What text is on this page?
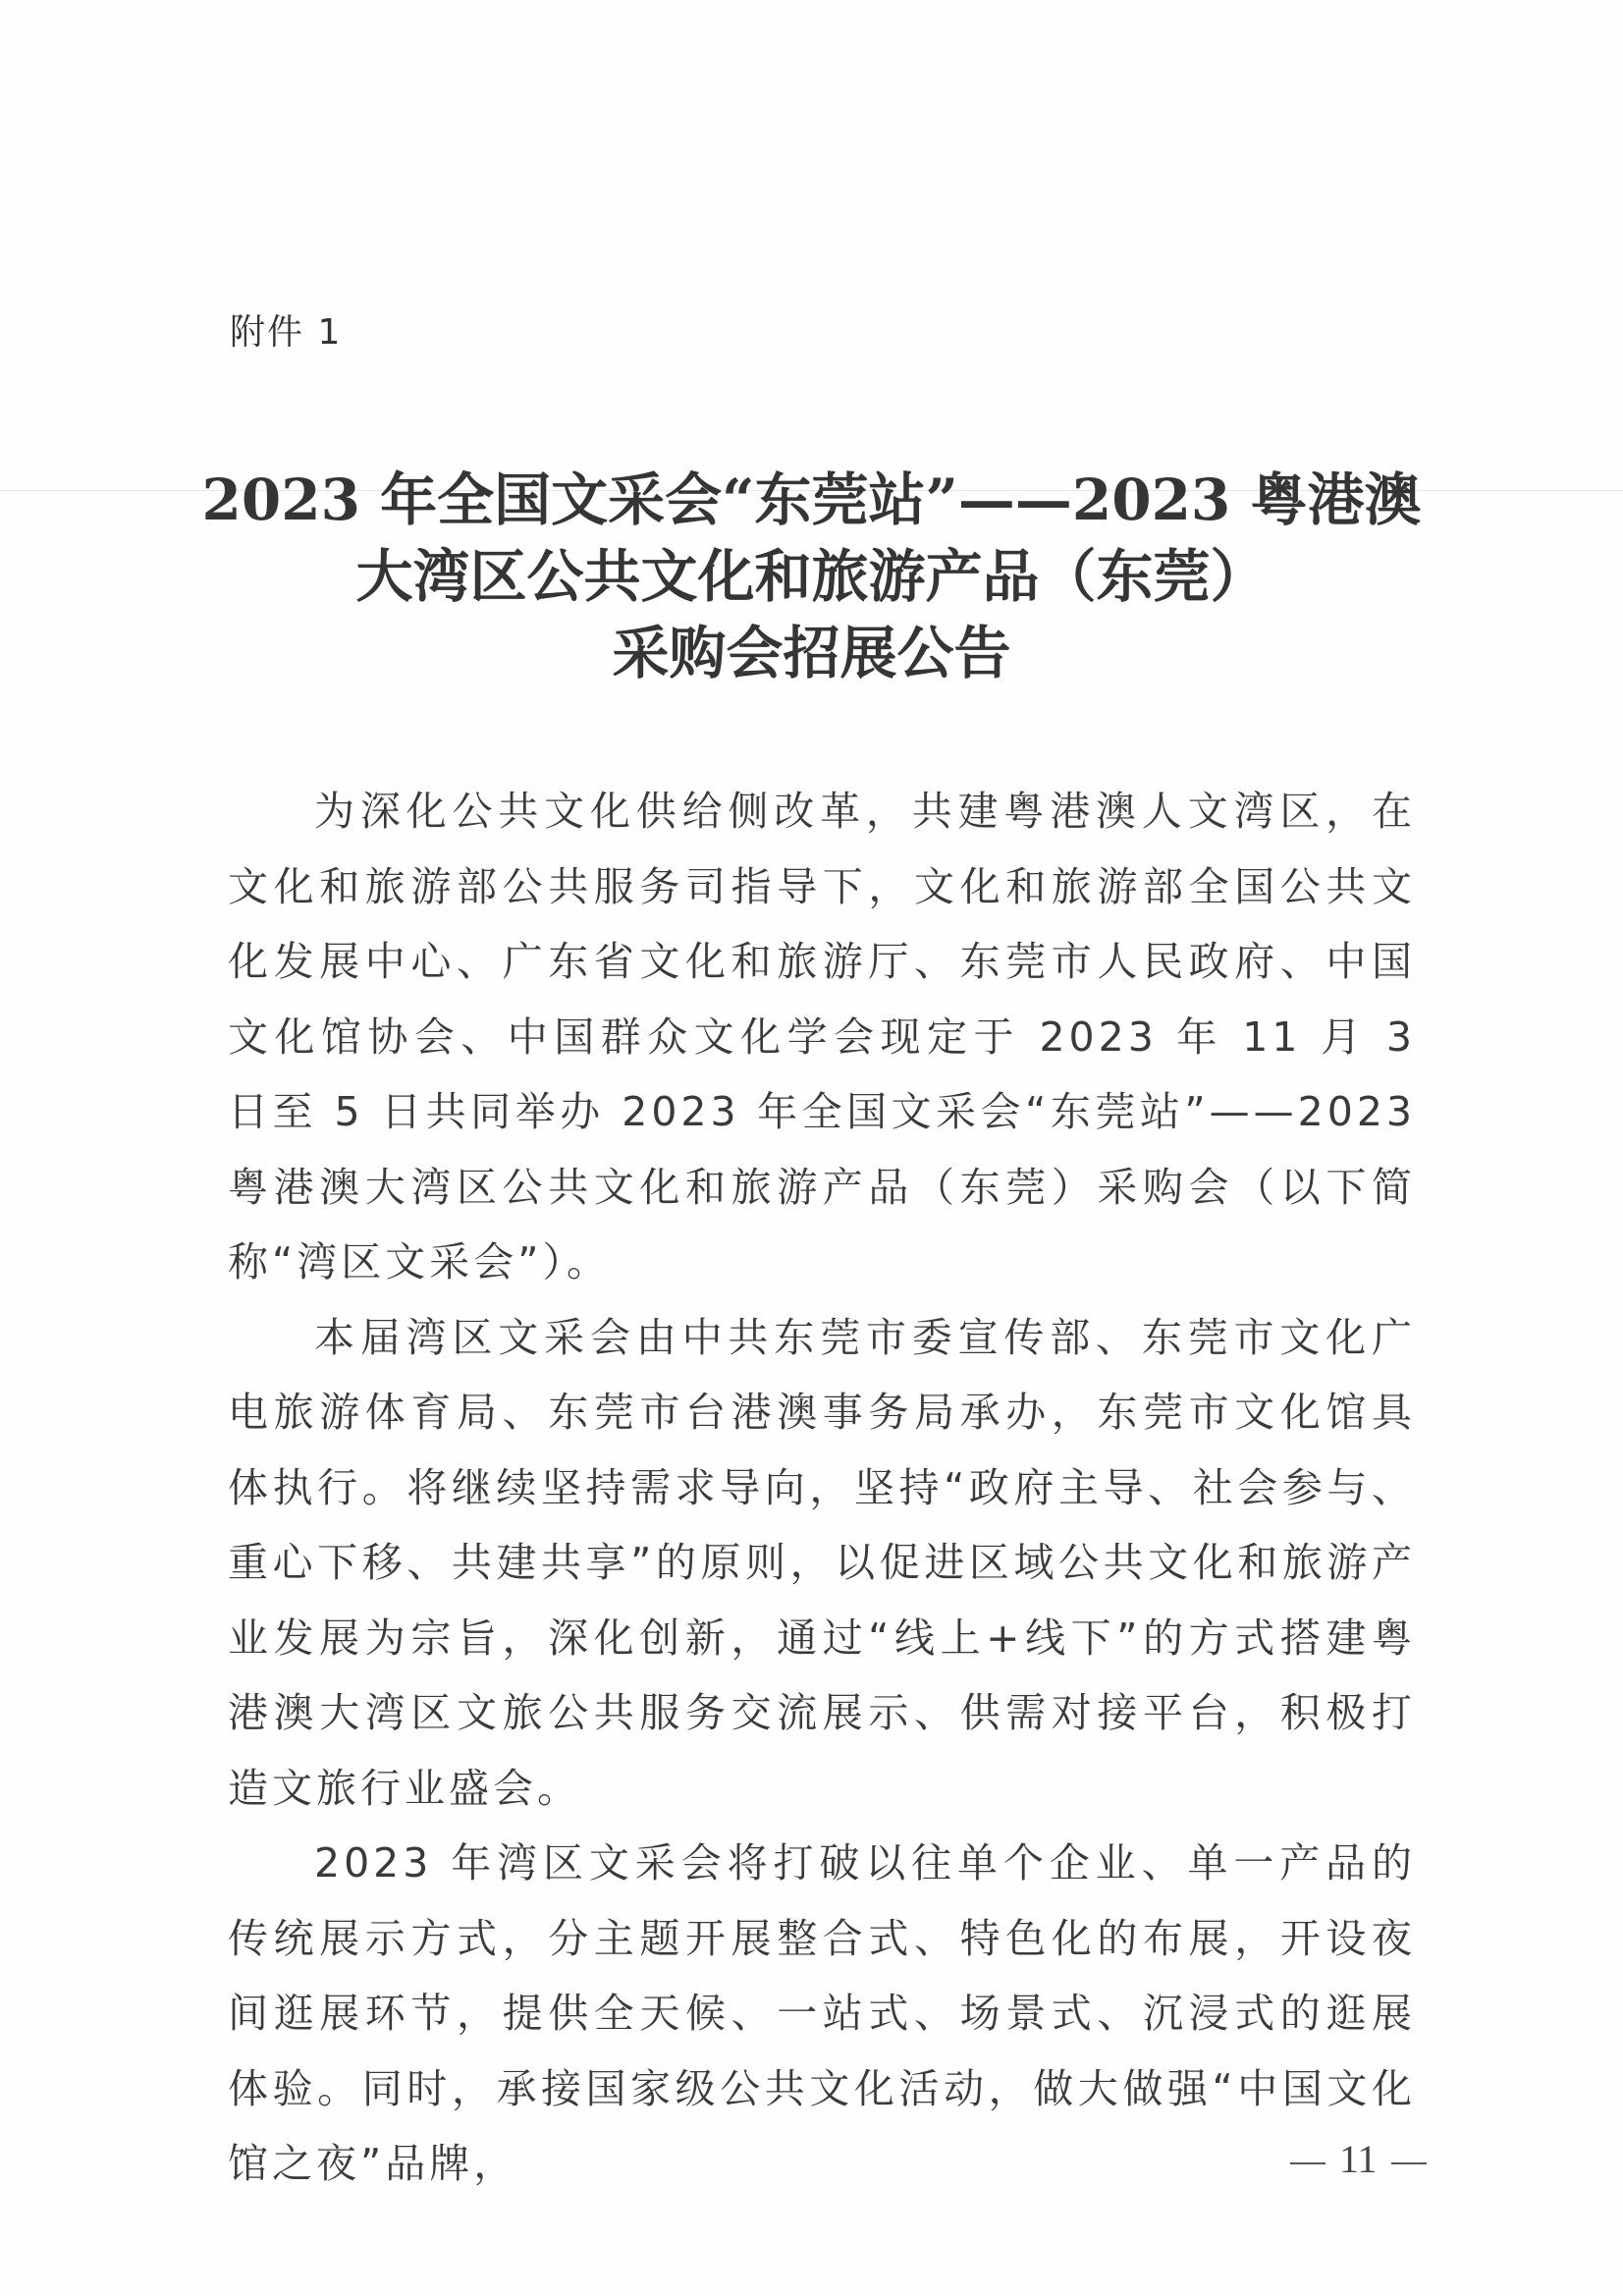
附件 1
2023 年全国文采会“东莞站”——2023 粤港澳
大湾区公共文化和旅游产品（东莞）
采购会招展公告

为深化公共文化供给侧改革，共建粤港澳人文湾区，在文化和旅游部公共服务司指导下，文化和旅游部全国公共文化发展中心、广东省文化和旅游厅、东莞市人民政府、中国文化馆协会、中国群众文化学会现定于 2023 年 11 月 3 日至 5 日共同举办 2023 年全国文采会“东莞站”——2023 粤港澳大湾区公共文化和旅游产品（东莞）采购会（以下简称“湾区文采会”）。

本届湾区文采会由中共东莞市委宣传部、东莞市文化广电旅游体育局、东莞市台港澳事务局承办，东莞市文化馆具体执行。将继续坚持需求导向，坚持“政府主导、社会参与、重心下移、共建共享”的原则，以促进区域公共文化和旅游产业发展为宗旨，深化创新，通过“线上+线下”的方式搭建粤港澳大湾区文旅公共服务交流展示、供需对接平台，积极打造文旅行业盛会。

2023 年湾区文采会将打破以往单个企业、单一产品的传统展示方式，分主题开展整合式、特色化的布展，开设夜间逛展环节，提供全天候、一站式、场景式、沉浸式的逛展体验。同时，承接国家级公共文化活动，做大做强“中国文化馆之夜”品牌，	11
